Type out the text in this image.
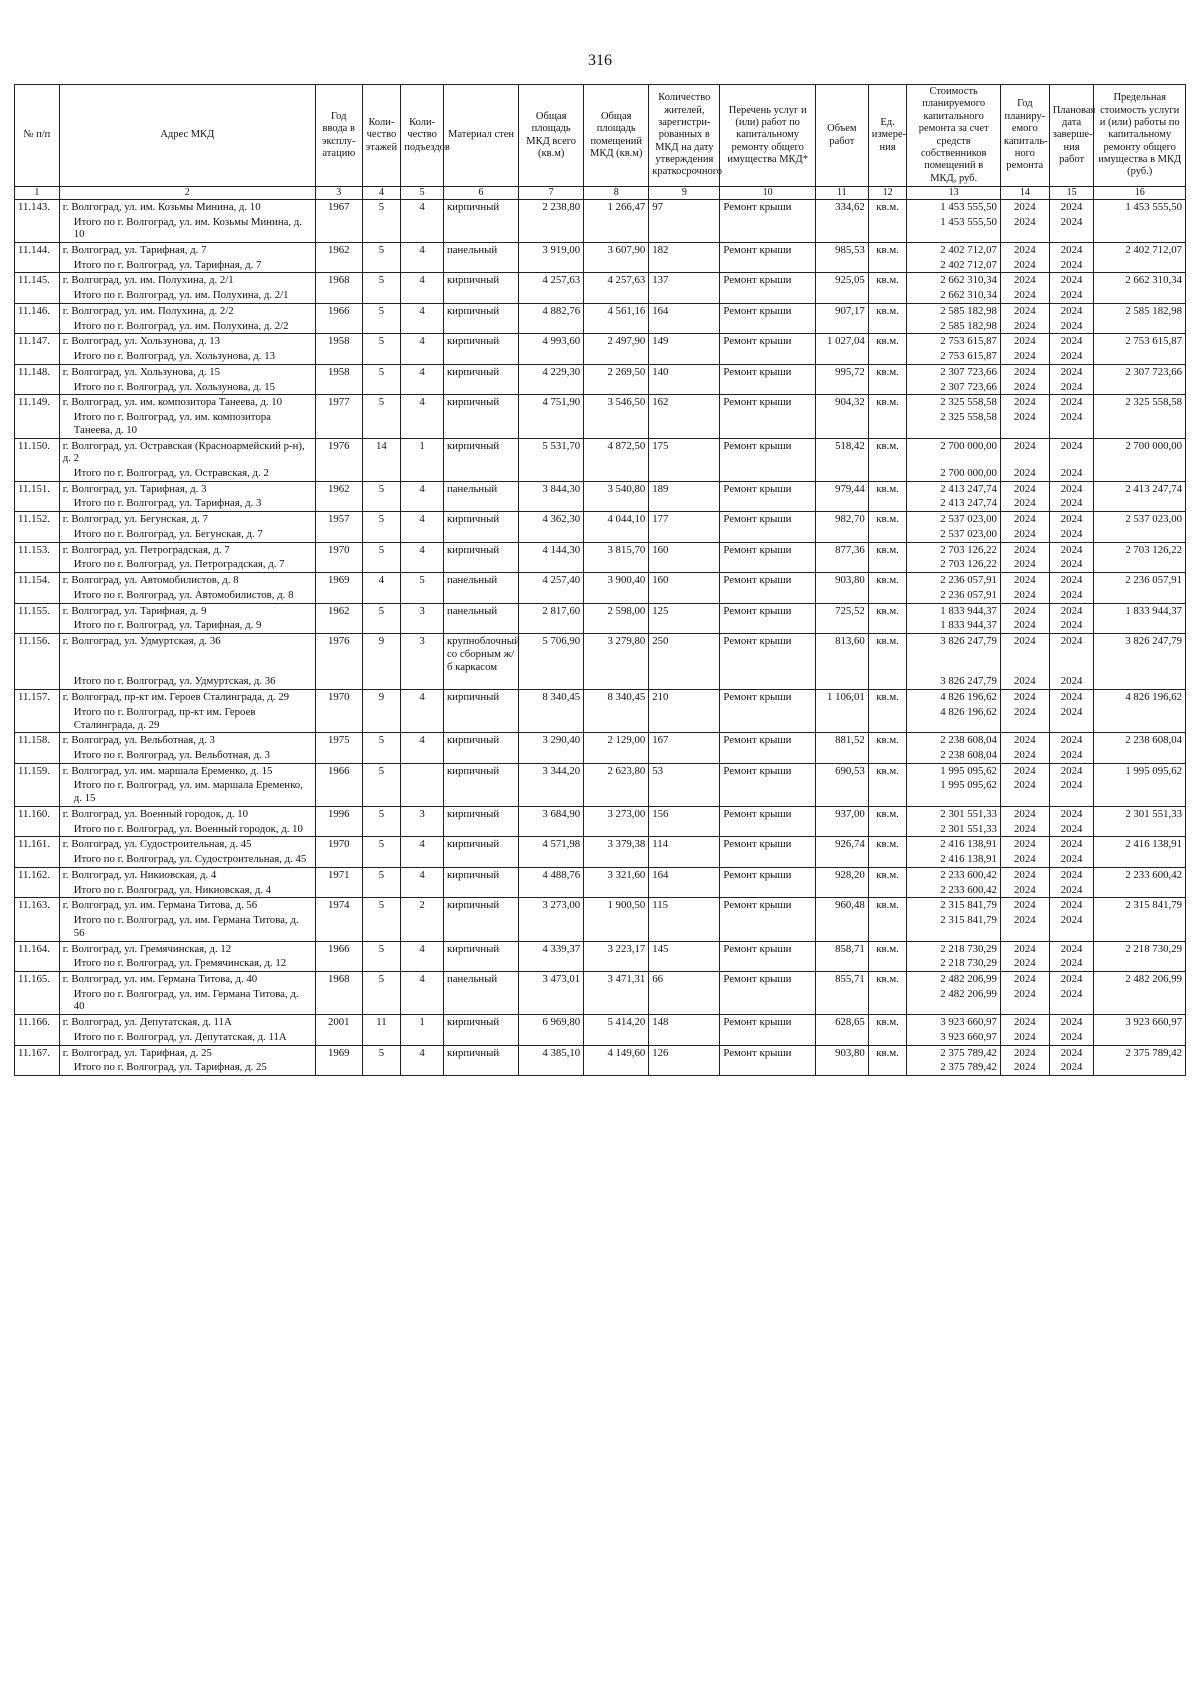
316
№ п/п	Адрес МКД	Год ввода в эксплу-атацию	Коли-чество этажей	Коли-чество подъездов	Материал стен	Общая площадь МКД всего (кв.м)	Общая площадь помещений МКД (кв.м)	Количество жителей, зарегистри-рованных в МКД на дату утверждения краткосрочного	Перечень услуг и (или) работ по капитальному ремонту общего имущества МКД*	Объем работ	Ед. измере-ния	Стоимость планируемого капитального ремонта за счет средств собственников помещений в МКД, руб.	Год планиру-емого капиталь-ного ремонта	Плановая дата заверше-ния работ	Предельная стоимость услуги и (или) работы по капитальному ремонту общего имущества в МКД (руб.)
1	2	3	4	5	6	7	8	9	10	11	12	13	14	15	16
11.143.	г. Волгоград, ул. им. Козьмы Минина, д. 10	1967	5	4	кирпичный	2 238,80	1 266,47	97	Ремонт крыши	334,62	кв.м.	1 453 555,50	2024	2024	1 453 555,50
	Итого по г. Волгоград, ул. им. Козьмы Минина, д. 10											1 453 555,50	2024	2024	
11.144.	г. Волгоград, ул. Тарифная, д. 7	1962	5	4	панельный	3 919,00	3 607,90	182	Ремонт крыши	985,53	кв.м.	2 402 712,07	2024	2024	2 402 712,07
	Итого по г. Волгоград, ул. Тарифная, д. 7											2 402 712,07	2024	2024	
11.145.	г. Волгоград, ул. им. Полухина, д. 2/1	1968	5	4	кирпичный	4 257,63	4 257,63	137	Ремонт крыши	925,05	кв.м.	2 662 310,34	2024	2024	2 662 310,34
	Итого по г. Волгоград, ул. им. Полухина, д. 2/1											2 662 310,34	2024	2024	
11.146.	г. Волгоград, ул. им. Полухина, д. 2/2	1966	5	4	кирпичный	4 882,76	4 561,16	164	Ремонт крыши	907,17	кв.м.	2 585 182,98	2024	2024	2 585 182,98
	Итого по г. Волгоград, ул. им. Полухина, д. 2/2											2 585 182,98	2024	2024	
11.147.	г. Волгоград, ул. Хользунова, д. 13	1958	5	4	кирпичный	4 993,60	2 497,90	149	Ремонт крыши	1 027,04	кв.м.	2 753 615,87	2024	2024	2 753 615,87
	Итого по г. Волгоград, ул. Хользунова, д. 13											2 753 615,87	2024	2024	
11.148.	г. Волгоград, ул. Хользунова, д. 15	1958	5	4	кирпичный	4 229,30	2 269,50	140	Ремонт крыши	995,72	кв.м.	2 307 723,66	2024	2024	2 307 723,66
	Итого по г. Волгоград, ул. Хользунова, д. 15											2 307 723,66	2024	2024	
11.149.	г. Волгоград, ул. им. композитора Танеева, д. 10	1977	5	4	кирпичный	4 751,90	3 546,50	162	Ремонт крыши	904,32	кв.м.	2 325 558,58	2024	2024	2 325 558,58
	Итого по г. Волгоград, ул. им. композитора Танеева, д. 10											2 325 558,58	2024	2024	
11.150.	г. Волгоград, ул. Остравская (Красноармейский р-н), д. 2	1976	14	1	кирпичный	5 531,70	4 872,50	175	Ремонт крыши	518,42	кв.м.	2 700 000,00	2024	2024	2 700 000,00
	Итого по г. Волгоград, ул. Остравская, д. 2											2 700 000,00	2024	2024	
11.151.	г. Волгоград, ул. Тарифная, д. 3	1962	5	4	панельный	3 844,30	3 540,80	189	Ремонт крыши	979,44	кв.м.	2 413 247,74	2024	2024	2 413 247,74
	Итого по г. Волгоград, ул. Тарифная, д. 3											2 413 247,74	2024	2024	
11.152.	г. Волгоград, ул. Бегунская, д. 7	1957	5	4	кирпичный	4 362,30	4 044,10	177	Ремонт крыши	982,70	кв.м.	2 537 023,00	2024	2024	2 537 023,00
	Итого по г. Волгоград, ул. Бегунская, д. 7											2 537 023,00	2024	2024	
11.153.	г. Волгоград, ул. Петроградская, д. 7	1970	5	4	кирпичный	4 144,30	3 815,70	160	Ремонт крыши	877,36	кв.м.	2 703 126,22	2024	2024	2 703 126,22
	Итого по г. Волгоград, ул. Петроградская, д. 7											2 703 126,22	2024	2024	
11.154.	г. Волгоград, ул. Автомобилистов, д. 8	1969	4	5	панельный	4 257,40	3 900,40	160	Ремонт крыши	903,80	кв.м.	2 236 057,91	2024	2024	2 236 057,91
	Итого по г. Волгоград, ул. Автомобилистов, д. 8											2 236 057,91	2024	2024	
11.155.	г. Волгоград, ул. Тарифная, д. 9	1962	5	3	панельный	2 817,60	2 598,00	125	Ремонт крыши	725,52	кв.м.	1 833 944,37	2024	2024	1 833 944,37
	Итого по г. Волгоград, ул. Тарифная, д. 9											1 833 944,37	2024	2024	
11.156.	г. Волгоград, ул. Удмуртская, д. 36	1976	9	3	крупноблочный со сборным ж/б каркасом	5 706,90	3 279,80	250	Ремонт крыши	813,60	кв.м.	3 826 247,79	2024	2024	3 826 247,79
	Итого по г. Волгоград, ул. Удмуртская, д. 36											3 826 247,79	2024	2024	
11.157.	г. Волгоград, пр-кт им. Героев Сталинграда, д. 29	1970	9	4	кирпичный	8 340,45	8 340,45	210	Ремонт крыши	1 106,01	кв.м.	4 826 196,62	2024	2024	4 826 196,62
	Итого по г. Волгоград, пр-кт им. Героев Сталинграда, д. 29											4 826 196,62	2024	2024	
11.158.	г. Волгоград, ул. Вельботная, д. 3	1975	5	4	кирпичный	3 290,40	2 129,00	167	Ремонт крыши	881,52	кв.м.	2 238 608,04	2024	2024	2 238 608,04
	Итого по г. Волгоград, ул. Вельботная, д. 3											2 238 608,04	2024	2024	
11.159.	г. Волгоград, ул. им. маршала Еременко, д. 15	1966	5		кирпичный	3 344,20	2 623,80	53	Ремонт крыши	690,53	кв.м.	1 995 095,62	2024	2024	1 995 095,62
	Итого по г. Волгоград, ул. им. маршала Еременко, д. 15											1 995 095,62	2024	2024	
11.160.	г. Волгоград, ул. Военный городок, д. 10	1996	5	3	кирпичный	3 684,90	3 273,00	156	Ремонт крыши	937,00	кв.м.	2 301 551,33	2024	2024	2 301 551,33
	Итого по г. Волгоград, ул. Военный городок, д. 10											2 301 551,33	2024	2024	
11.161.	г. Волгоград, ул. Судостроительная, д. 45	1970	5	4	кирпичный	4 571,98	3 379,38	114	Ремонт крыши	926,74	кв.м.	2 416 138,91	2024	2024	2 416 138,91
	Итого по г. Волгоград, ул. Судостроительная, д. 45											2 416 138,91	2024	2024	
11.162.	г. Волгоград, ул. Никиовская, д. 4	1971	5	4	кирпичный	4 488,76	3 321,60	164	Ремонт крыши	928,20	кв.м.	2 233 600,42	2024	2024	2 233 600,42
	Итого по г. Волгоград, ул. Никиовская, д. 4											2 233 600,42	2024	2024	
11.163.	г. Волгоград, ул. им. Германа Титова, д. 56	1974	5	2	кирпичный	3 273,00	1 900,50	115	Ремонт крыши	960,48	кв.м.	2 315 841,79	2024	2024	2 315 841,79
	Итого по г. Волгоград, ул. им. Германа Титова, д. 56											2 315 841,79	2024	2024	
11.164.	г. Волгоград, ул. Гремячинская, д. 12	1966	5	4	кирпичный	4 339,37	3 223,17	145	Ремонт крыши	858,71	кв.м.	2 218 730,29	2024	2024	2 218 730,29
	Итого по г. Волгоград, ул. Гремячинская, д. 12											2 218 730,29	2024	2024	
11.165.	г. Волгоград, ул. им. Германа Титова, д. 40	1968	5	4	панельный	3 473,01	3 471,31	66	Ремонт крыши	855,71	кв.м.	2 482 206,99	2024	2024	2 482 206,99
	Итого по г. Волгоград, ул. им. Германа Титова, д. 40											2 482 206,99	2024	2024	
11.166.	г. Волгоград, ул. Депутатская, д. 11А	2001	11	1	кирпичный	6 969,80	5 414,20	148	Ремонт крыши	628,65	кв.м.	3 923 660,97	2024	2024	3 923 660,97
	Итого по г. Волгоград, ул. Депутатская, д. 11А											3 923 660,97	2024	2024	
11.167.	г. Волгоград, ул. Тарифная, д. 25	1969	5	4	кирпичный	4 385,10	4 149,60	126	Ремонт крыши	903,80	кв.м.	2 375 789,42	2024	2024	2 375 789,42
	Итого по г. Волгоград, ул. Тарифная, д. 25											2 375 789,42	2024	2024	
